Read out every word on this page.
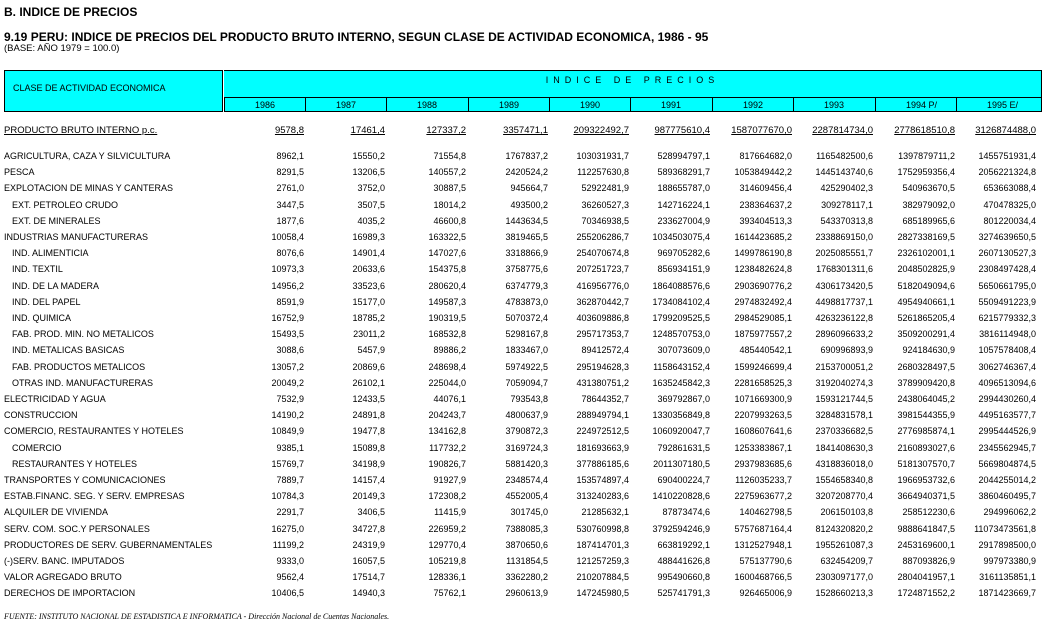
B. INDICE DE PRECIOS
9.19 PERU: INDICE DE PRECIOS DEL PRODUCTO BRUTO INTERNO, SEGUN CLASE DE ACTIVIDAD ECONOMICA, 1986 - 95
(BASE: AÑO 1979 = 100.0)
CLASE DE ACTIVIDAD ECONOMICA
INDICE DE PRECIOS
1986	1987	1988	1989	1990	1991	1992	1993	1994 P/	1995 E/
PRODUCTO BRUTO INTERNO p.c.	9578,8	17461,4	127337,2	3357471,1	209322492,7	987775610,4 1587077670,0 2287814734,0 2778618510,8 3126874488,0
AGRICULTURA, CAZA Y SILVICULTURA	8962,1	15550,2	71554,8	1767837,2	103031931,7	528994797,1	817664682,0	1165482500,6	1397879711,2	1455751931,4
PESCA	8291,5	13206,5	140557,2	2420524,2	112257630,8	589368291,7	1053849442,2	1445143740,6	1752959356,4	2056221324,8
EXPLOTACION DE MINAS Y CANTERAS	2761,0	3752,0	30887,5	945664,7	52922481,9	188655787,0	314609456,4	425290402,3	540963670,5	653663088,4
EXT. PETROLEO CRUDO	3447,5	3507,5	18014,2	493500,2	36260527,3	142716224,1	238364637,2	309278117,1	382979092,0	470478325,0
EXT. DE MINERALES	1877,6	4035,2	46600,8	1443634,5	70346938,5	233627004,9	393404513,3	543370313,8	685189965,6	801220034,4
INDUSTRIAS MANUFACTURERAS	10058,4	16989,3	163322,5	3819465,5	255206286,7	1034503075,4	1614423685,2	2338869150,0	2827338169,5	3274639650,5
IND. ALIMENTICIA	8076,6	14901,4	147027,6	3318866,9	254070674,8	969705282,6	1499786190,8	2025085551,7	2326102001,1	2607130527,3
IND. TEXTIL	10973,3	20633,6	154375,8	3758775,6	207251723,7	856934151,9	1238482624,8	1768301311,6	2048502825,9	2308497428,4
IND. DE LA MADERA	14956,2	33523,6	280620,4	6374779,3	416956776,0	1864088576,6	2903690776,2	4306173420,5	5182049094,6	5650661795,0
IND. DEL PAPEL	8591,9	15177,0	149587,3	4783873,0	362870442,7	1734084102,4	2974832492,4	4498817737,1	4954940661,1	5509491223,9
IND. QUIMICA	16752,9	18785,2	190319,5	5070372,4	403609886,8	1799209525,5	2984529085,1	4263236122,8	5261865205,4	6215779332,3
FAB. PROD. MIN. NO METALICOS	15493,5	23011,2	168532,8	5298167,8	295717353,7	1248570753,0	1875977557,2	2896096633,2	3509200291,4	3816114948,0
IND. METALICAS BASICAS	3088,6	5457,9	89886,2	1833467,0	89412572,4	307073609,0	485440542,1	690996893,9	924184630,9	1057578408,4
FAB. PRODUCTOS METALICOS	13057,2	20869,6	248698,4	5974922,5	295194628,3	1158643152,4	1599246699,4	2153700051,2	2680328497,5	3062746367,4
OTRAS IND. MANUFACTURERAS	20049,2	26102,1	225044,0	7059094,7	431380751,2	1635245842,3	2281658525,3	3192040274,3	3789909420,8	4096513094,6
ELECTRICIDAD Y AGUA	7532,9	12433,5	44076,1	793543,8	78644352,7	369792867,0	1071669300,9	1593121744,5	2438064045,2	2994430260,4
CONSTRUCCION	14190,2	24891,8	204243,7	4800637,9	288949794,1	1330356849,8	2207993263,5	3284831578,1	3981544355,9	4495163577,7
COMERCIO, RESTAURANTES Y HOTELES	10849,9	19477,8	134162,8	3790872,3	224972512,5	1060920047,7	1608607641,6	2370336682,5	2776985874,1	2995444526,9
COMERCIO	9385,1	15089,8	117732,2	3169724,3	181693663,9	792861631,5	1253383867,1	1841408630,3	2160893027,6	2345562945,7
RESTAURANTES Y HOTELES	15769,7	34198,9	190826,7	5881420,3	377886185,6	2011307180,5	2937983685,6	4318836018,0	5181307570,7	5669804874,5
TRANSPORTES Y COMUNICACIONES	7889,7	14157,4	91927,9	2348574,4	153574897,4	690400224,7	1126035233,7	1554658340,8	1966953732,6	2044255014,2
ESTAB.FINANC. SEG. Y SERV. EMPRESAS	10784,3	20149,3	172308,2	4552005,4	313240283,6	1410220828,6	2275963677,2	3207208770,4	3664940371,5	3860460495,7
ALQUILER DE VIVIENDA	2291,7	3406,5	11415,9	301745,0	21285632,1	87873474,6	140462798,5	206150103,8	258512230,6	294996062,2
SERV. COM. SOC.Y PERSONALES	16275,0	34727,8	226959,2	7388085,3	530760998,8	3792594246,9	5757687164,4	8124320820,2	9888641847,5 11073473561,8
PRODUCTORES DE SERV. GUBERNAMENTALES	11199,2	24319,9	129770,4	3870650,6	187414701,3	663819292,1	1312527948,1	1955261087,3	2453169600,1	2917898500,0
(-)SERV. BANC. IMPUTADOS	9333,0	16057,5	105219,8	1131854,5	121257259,3	488441626,8	575137790,6	632454209,7	887093826,9	997973380,9
VALOR AGREGADO BRUTO	9562,4	17514,7	128336,1	3362280,2	210207884,5	995490660,8	1600468766,5	2303097177,0	2804041957,1	3161135851,1
DERECHOS DE IMPORTACION	10406,5	14940,3	75762,1	2960613,9	147245980,5	525741791,3	926465006,9	1528660213,3	1724871552,2	1871423669,7
FUENTE: INSTITUTO NACIONAL DE ESTADISTICA E INFORMATICA - Dirección Nacional de Cuentas Nacionales.
